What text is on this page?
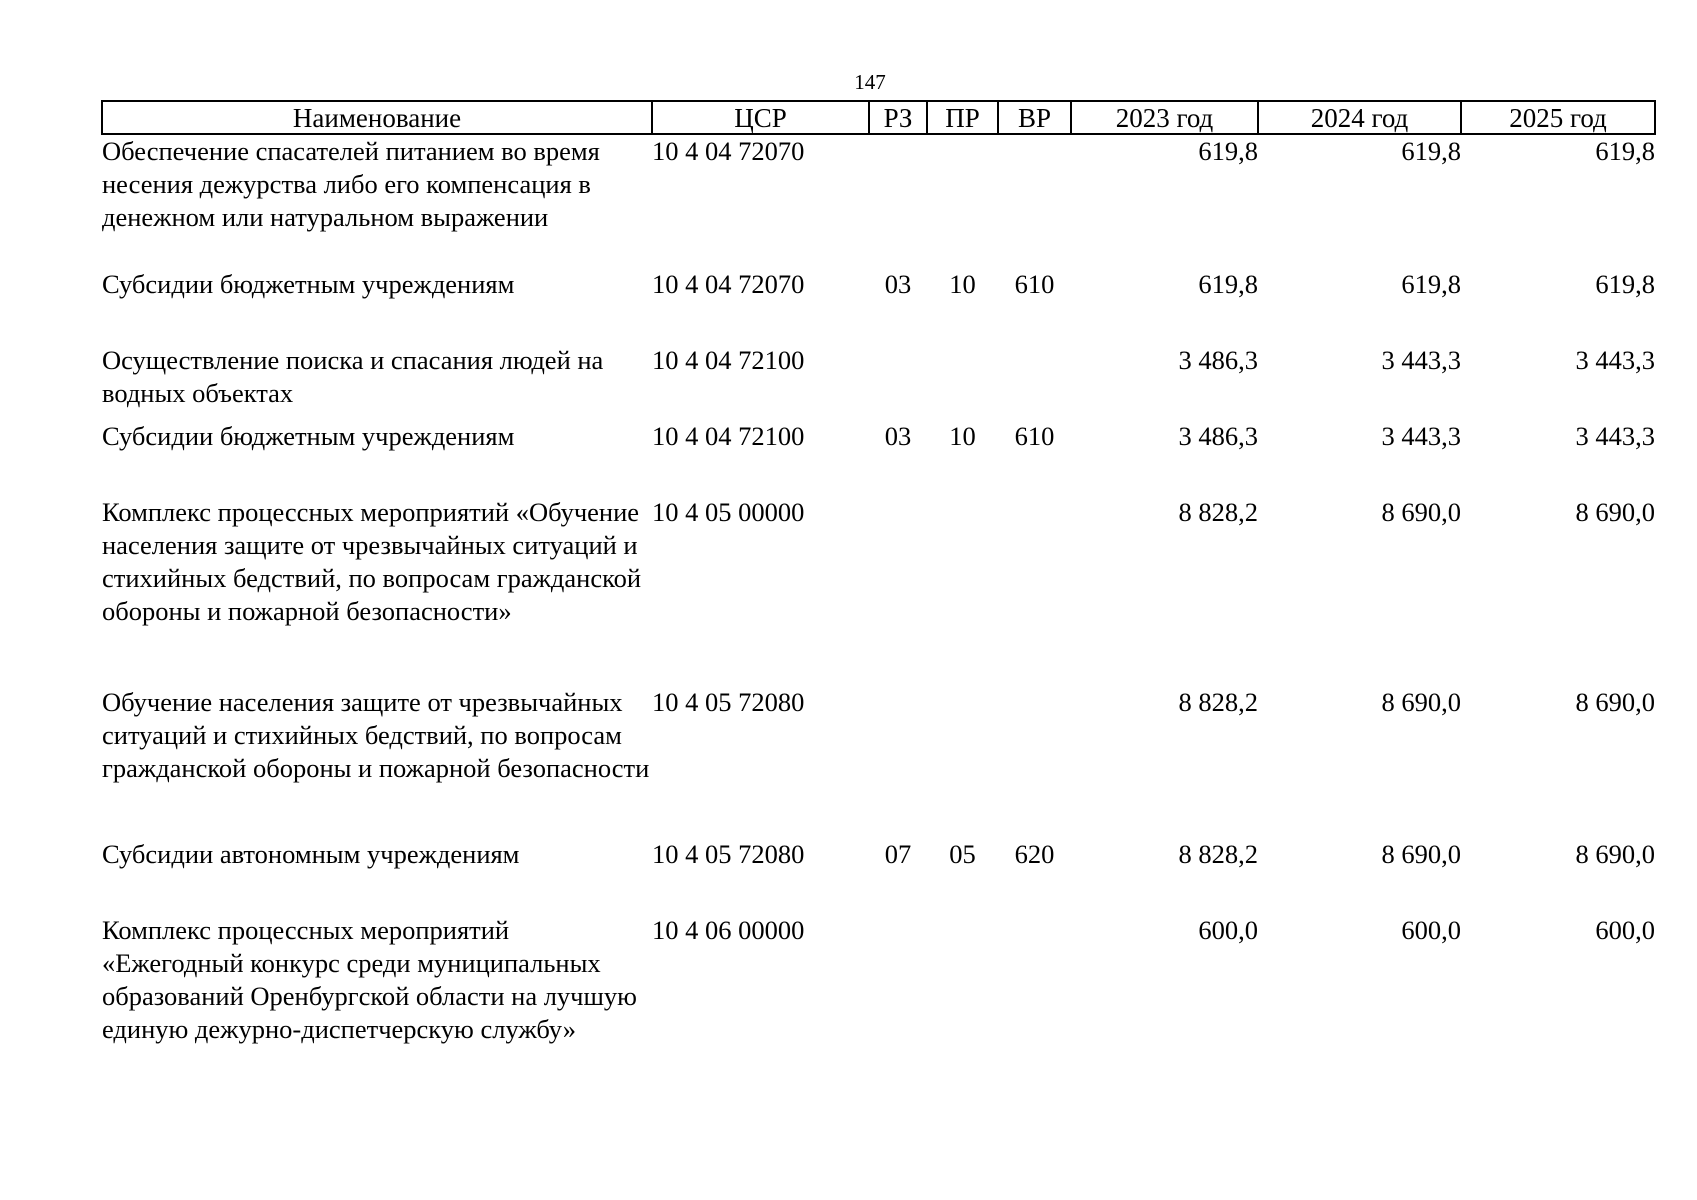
147
Наименование	ЦСР	РЗ	ПР	ВР	2023 год	2024 год	2025 год
Обеспечение спасателей питанием во время несения дежурства либо его компенсация в денежном или натуральном выражении	10 4 04 72070				619,8	619,8	619,8
Субсидии бюджетным учреждениям	10 4 04 72070	03	10	610	619,8	619,8	619,8
Осуществление поиска и спасания людей на водных объектах	10 4 04 72100				3 486,3	3 443,3	3 443,3
Субсидии бюджетным учреждениям	10 4 04 72100	03	10	610	3 486,3	3 443,3	3 443,3
Комплекс процессных мероприятий «Обучение населения защите от чрезвычайных ситуаций и стихийных бедствий, по вопросам гражданской обороны и пожарной безопасности»	10 4 05 00000				8 828,2	8 690,0	8 690,0
Обучение населения защите от чрезвычайных ситуаций и стихийных бедствий, по вопросам гражданской обороны и пожарной безопасности	10 4 05 72080				8 828,2	8 690,0	8 690,0
Субсидии автономным учреждениям	10 4 05 72080	07	05	620	8 828,2	8 690,0	8 690,0
Комплекс процессных мероприятий «Ежегодный конкурс среди муниципальных образований Оренбургской области на лучшую единую дежурно-диспетчерскую службу»	10 4 06 00000				600,0	600,0	600,0
